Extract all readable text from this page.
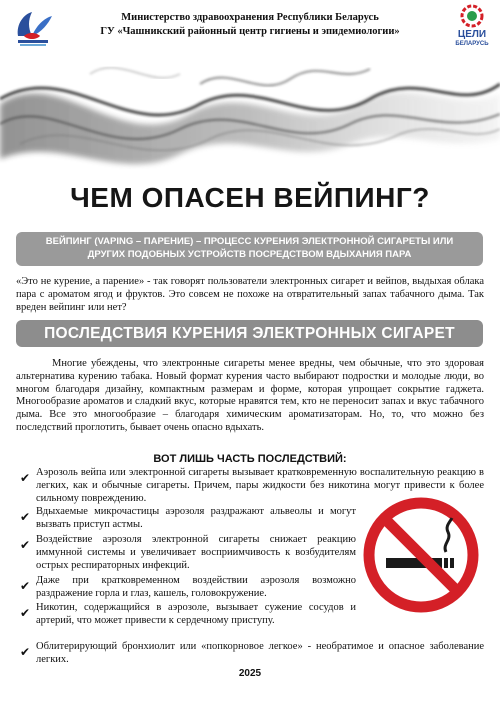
Министерство здравоохранения Республики Беларусь
ГУ «Чашникский районный центр гигиены и эпидемиологии»	ЦЕЛИ
БЕЛАРУСЬ
ЧЕМ ОПАСЕН ВЕЙПИНГ?
ВЕЙПИНГ (VAPING – ПАРЕНИЕ) – ПРОЦЕСС КУРЕНИЯ ЭЛЕКТРОННОЙ СИГАРЕТЫ ИЛИ
ДРУГИХ ПОДОБНЫХ УСТРОЙСТВ ПОСРЕДСТВОМ ВДЫХАНИЯ ПАРА
«Это не курение, а парение» - так говорят пользователи электронных сигарет и вейпов, выдыхая облака пара с ароматом ягод и фруктов. Это совсем не похоже на отвратительный запах табачного дыма. Так вреден вейпинг или нет?
ПОСЛЕДСТВИЯ КУРЕНИЯ ЭЛЕКТРОННЫХ СИГАРЕТ
Многие убеждены, что электронные сигареты менее вредны, чем обычные, что это здоровая альтернатива курению табака. Новый формат курения часто выбирают подростки и молодые люди, во многом благодаря дизайну, компактным размерам и форме, которая упрощает сокрытие гаджета. Многообразие ароматов и сладкий вкус, которые нравятся тем, кто не переносит запах и вкус табачного дыма. Все это многообразие – благодаря химическим ароматизаторам. Но, то, что можно без последствий проглотить, бывает очень опасно вдыхать.
ВОТ ЛИШЬ ЧАСТЬ ПОСЛЕДСТВИЙ:
✔ Аэрозоль вейпа или электронной сигареты вызывает кратковременную воспалительную реакцию в легких, как и обычные сигареты. Причем, пары жидкости без никотина могут привести к более сильному повреждению.
✔ Вдыхаемые микрочастицы аэрозоля раздражают альвеолы и могут вызвать приступ астмы.
✔ Воздействие аэрозоля электронной сигареты снижает реакцию иммунной системы и увеличивает восприимчивость к возбудителям острых респираторных инфекций.
✔ Даже при кратковременном воздействии аэрозоля возможно раздражение горла и глаз, кашель, головокружение.
✔ Никотин, содержащийся в аэрозоле, вызывает сужение сосудов и артерий, что может привести к сердечному приступу.
✔ Облитерирующий бронхиолит или «попкорновое легкое» - необратимое и опасное заболевание легких.
2025
